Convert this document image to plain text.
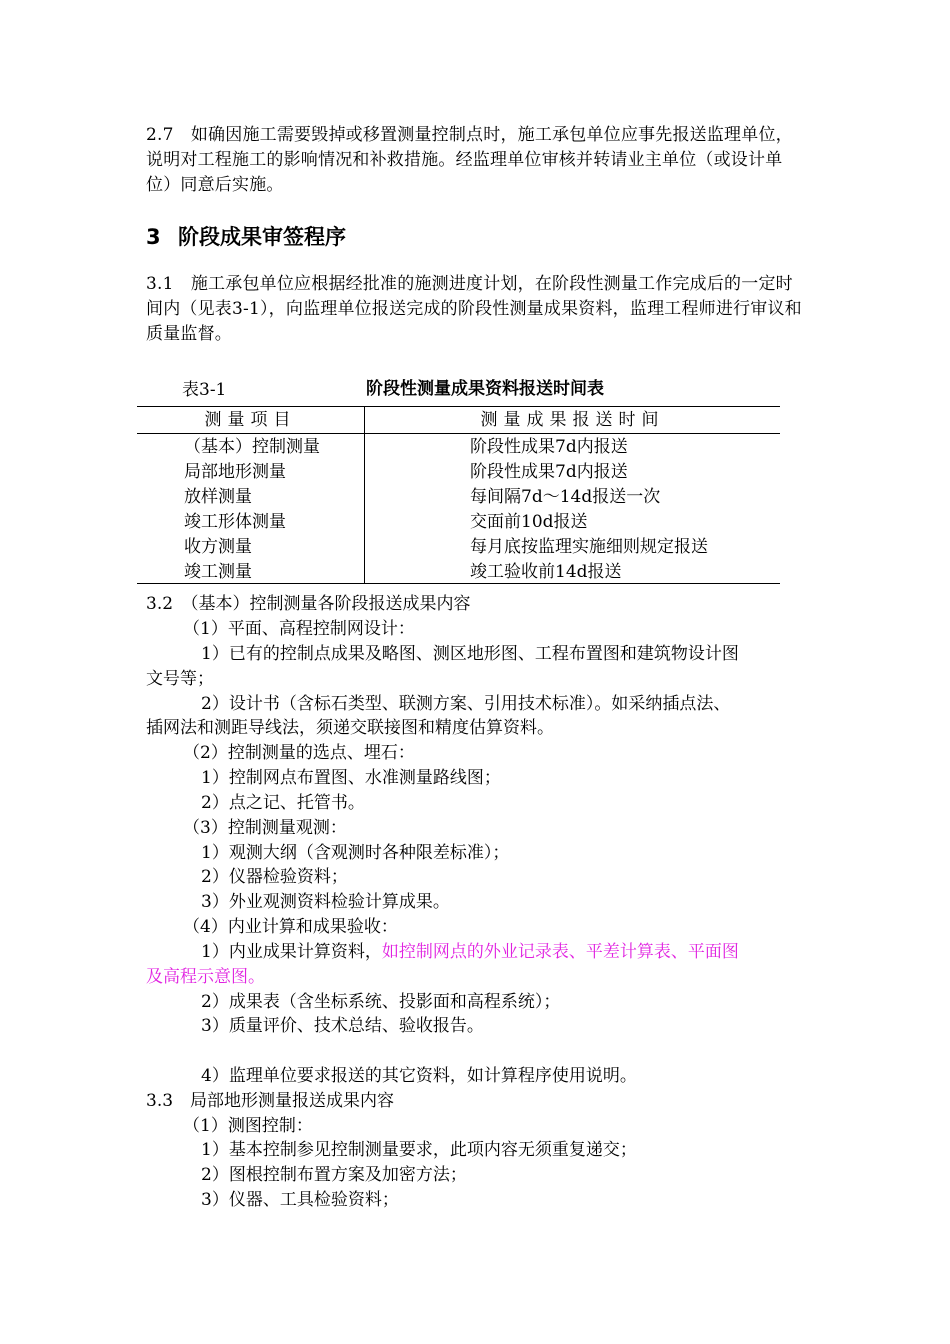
2.7　 如确因施工需要毁掉或移置测量控制点时，施工承包单位应事先报送监理单位，说明对工程施工的影响情况和补救措施。经监理单位审核并转请业主单位（或设计单位）同意后实施。

3 阶段成果审签程序

3.1　 施工承包单位应根据经批准的施测进度计划，在阶段性测量工作完成后的一定时间内（见表3-1），向监理单位报送完成的阶段性测量成果资料，监理工程师进行审议和质量监督。

表3-1	阶段性测量成果资料报送时间表
测量项目	测量成果报送时间
（基本）控制测量	阶段性成果7d内报送
局部地形测量	阶段性成果7d内报送
放样测量	每间隔7d～14d报送一次
竣工形体测量	交面前10d报送
收方测量	每月底按监理实施细则规定报送
竣工测量	竣工验收前14d报送
3.2　（基本）控制测量各阶段报送成果内容
（1）平面、高程控制网设计：
1）已有的控制点成果及略图、测区地形图、工程布置图和建筑物设计图
文号等；
2）设计书（含标石类型、联测方案、引用技术标准）。如采纳插点法、
插网法和测距导线法，须递交联接图和精度估算资料。
（2）控制测量的选点、埋石：
1）控制网点布置图、水准测量路线图；
2）点之记、托管书。
（3）控制测量观测：
1）观测大纲（含观测时各种限差标准）；
2）仪器检验资料；
3）外业观测资料检验计算成果。
（4）内业计算和成果验收：
1）内业成果计算资料，如控制网点的外业记录表、平差计算表、平面图
及高程示意图。
2）成果表（含坐标系统、投影面和高程系统）；
3）质量评价、技术总结、验收报告。
4）监理单位要求报送的其它资料，如计算程序使用说明。
3.3　局部地形测量报送成果内容
（1）测图控制：
1）基本控制参见控制测量要求，此项内容无须重复递交；
2）图根控制布置方案及加密方法；
3）仪器、工具检验资料；
